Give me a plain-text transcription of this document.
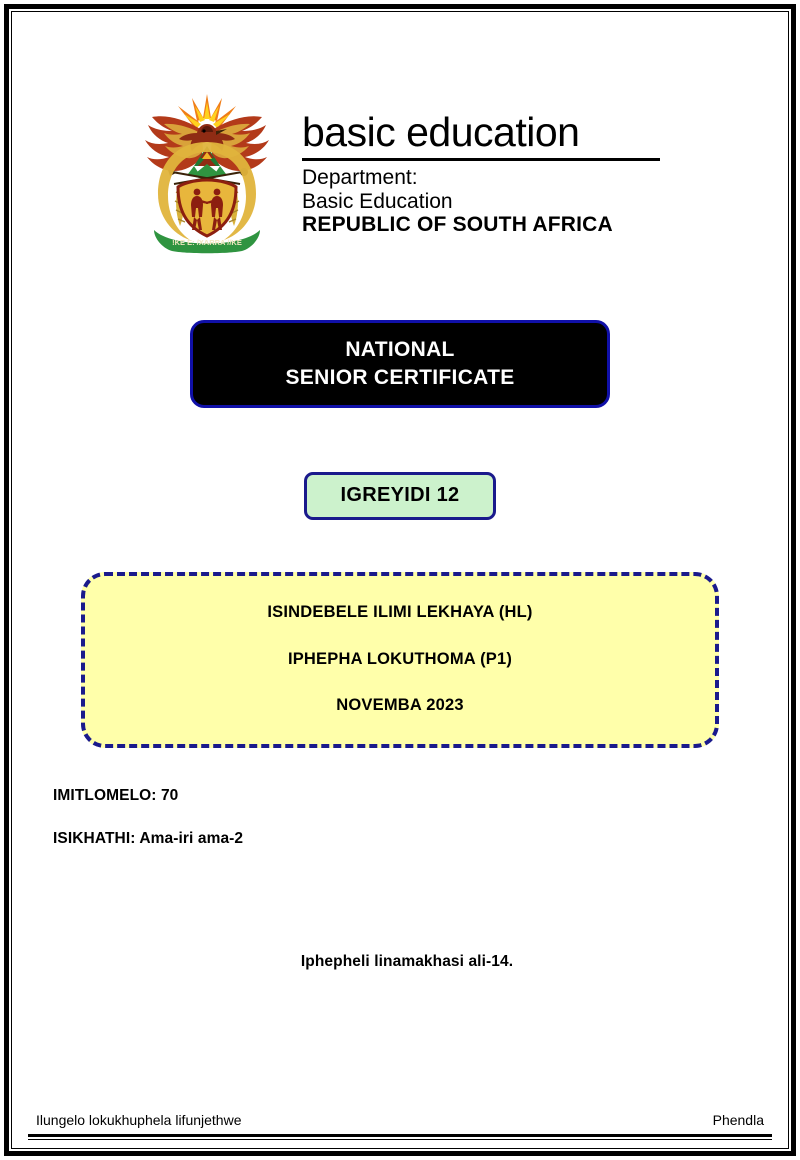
!KE E: /XARRA //KE
basic education
Department:
Basic Education
REPUBLIC OF SOUTH AFRICA
NATIONAL
SENIOR CERTIFICATE
IGREYIDI 12
ISINDEBELE ILIMI LEKHAYA (HL)
IPHEPHA LOKUTHOMA (P1)
NOVEMBA 2023
IMITLOMELO: 70
ISIKHATHI: Ama-iri ama-2
Iphepheli linamakhasi ali-14.
Ilungelo lokukhuphela lifunjethwe	Phendla
